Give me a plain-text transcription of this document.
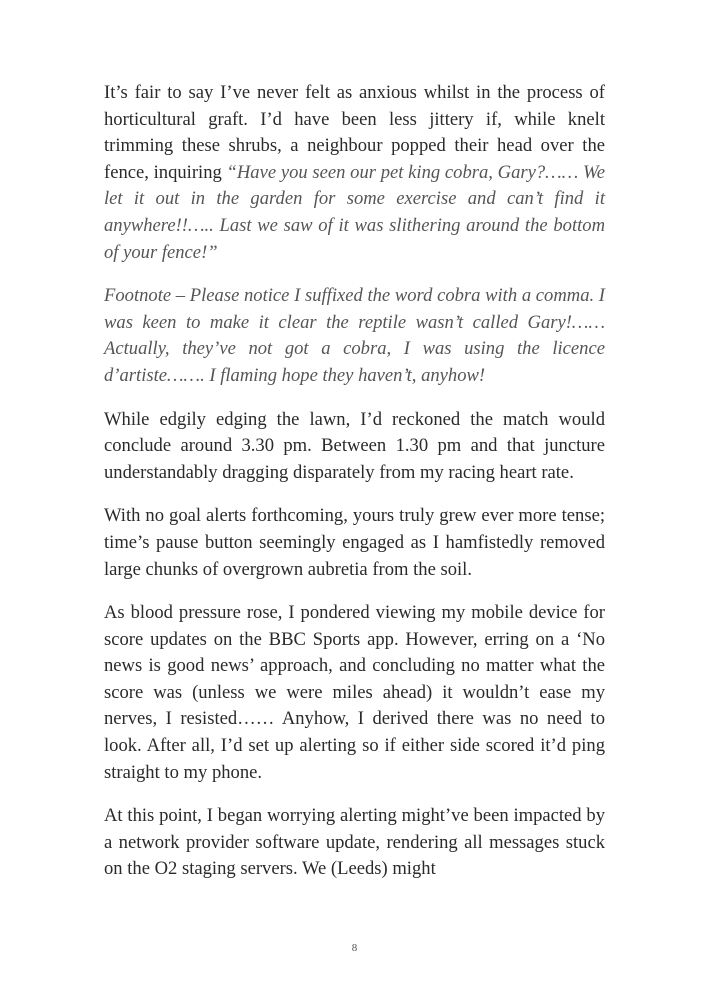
It’s fair to say I’ve never felt as anxious whilst in the process of horticultural graft. I’d have been less jittery if, while knelt trimming these shrubs, a neighbour popped their head over the fence, inquiring “Have you seen our pet king cobra, Gary?…… We let it out in the garden for some exercise and can’t find it anywhere!!….. Last we saw of it was slithering around the bottom of your fence!”

Footnote – Please notice I suffixed the word cobra with a comma. I was keen to make it clear the reptile wasn’t called Gary!…… Actually, they’ve not got a cobra, I was using the licence d’artiste……. I flaming hope they haven’t, anyhow!

While edgily edging the lawn, I’d reckoned the match would conclude around 3.30 pm. Between 1.30 pm and that juncture understandably dragging disparately from my racing heart rate.

With no goal alerts forthcoming, yours truly grew ever more tense; time’s pause button seemingly engaged as I hamfistedly removed large chunks of overgrown aubretia from the soil.

As blood pressure rose, I pondered viewing my mobile device for score updates on the BBC Sports app. However, erring on a ‘No news is good news’ approach, and concluding no matter what the score was (unless we were miles ahead) it wouldn’t ease my nerves, I resisted…… Anyhow, I derived there was no need to look. After all, I’d set up alerting so if either side scored it’d ping straight to my phone.

At this point, I began worrying alerting might’ve been impacted by a network provider software update, rendering all messages stuck on the O2 staging servers. We (Leeds) might

8
